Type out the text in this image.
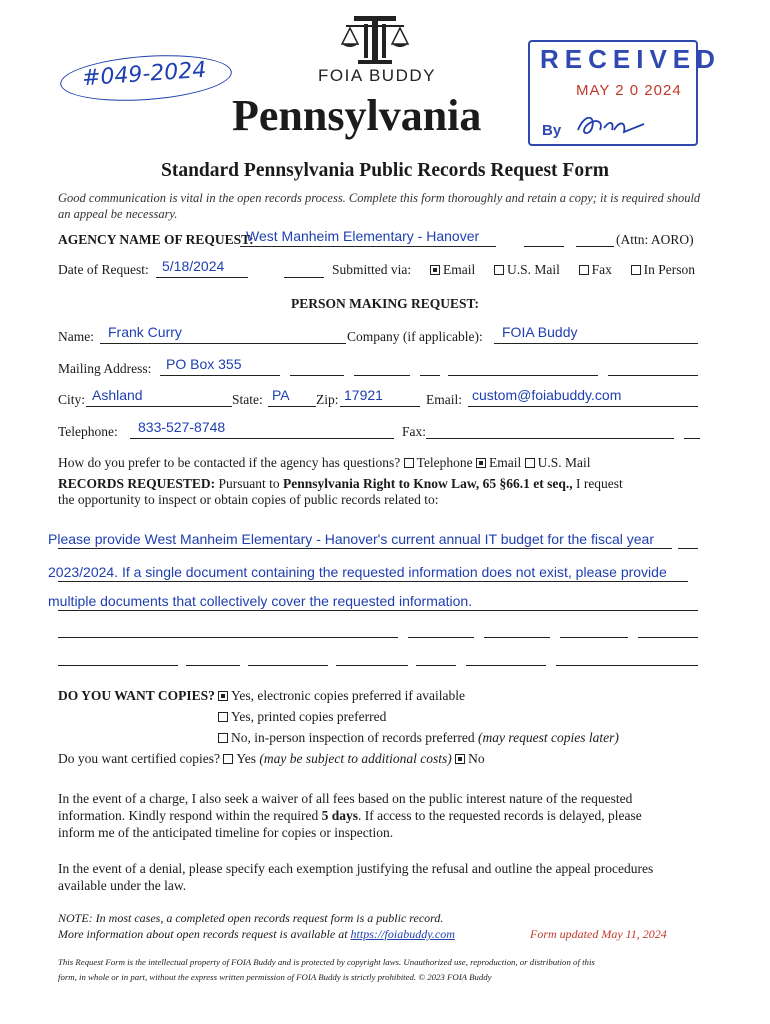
#049-2024	FOIA BUDDY
Pennsylvania
RECEIVED
MAY 2 0 2024
By
Standard Pennsylvania Public Records Request Form
Good communication is vital in the open records process. Complete this form thoroughly and retain a copy; it is required should an appeal be necessary.
AGENCY NAME OF REQUEST:
West Manheim Elementary - Hanover	(Attn: AORO)
Date of Request: 5/18/2024	Submitted via:	Email U.S. Mail Fax In Person
PERSON MAKING REQUEST:
Name: Frank Curry	Company (if applicable): FOIA Buddy
Mailing Address: PO Box 355
City: Ashland	State: PA Zip: 17921	Email: custom@foiabuddy.com
Telephone: 833-527-8748	Fax:
How do you prefer to be contacted if the agency has questions? Telephone Email U.S. Mail
RECORDS REQUESTED: Pursuant to Pennsylvania Right to Know Law, 65 §66.1 et seq., I request
the opportunity to inspect or obtain copies of public records related to:
Please provide West Manheim Elementary - Hanover's current annual IT budget for the fiscal year
2023/2024. If a single document containing the requested information does not exist, please provide
multiple documents that collectively cover the requested information.
DO YOU WANT COPIES?	Yes, electronic copies preferred if available
Yes, printed copies preferred
No, in-person inspection of records preferred (may request copies later)
Do you want certified copies? Yes (may be subject to additional costs) No
In the event of a charge, I also seek a waiver of all fees based on the public interest nature of the requested
information. Kindly respond within the required 5 days. If access to the requested records is delayed, please
inform me of the anticipated timeline for copies or inspection.
In the event of a denial, please specify each exemption justifying the refusal and outline the appeal procedures
available under the law.
NOTE: In most cases, a completed open records request form is a public record.
More information about open records request is available at https://foiabuddy.com	Form updated May 11, 2024
This Request Form is the intellectual property of FOIA Buddy and is protected by copyright laws. Unauthorized use, reproduction, or distribution of this
form, in whole or in part, without the express written permission of FOIA Buddy is strictly prohibited. © 2023 FOIA Buddy
